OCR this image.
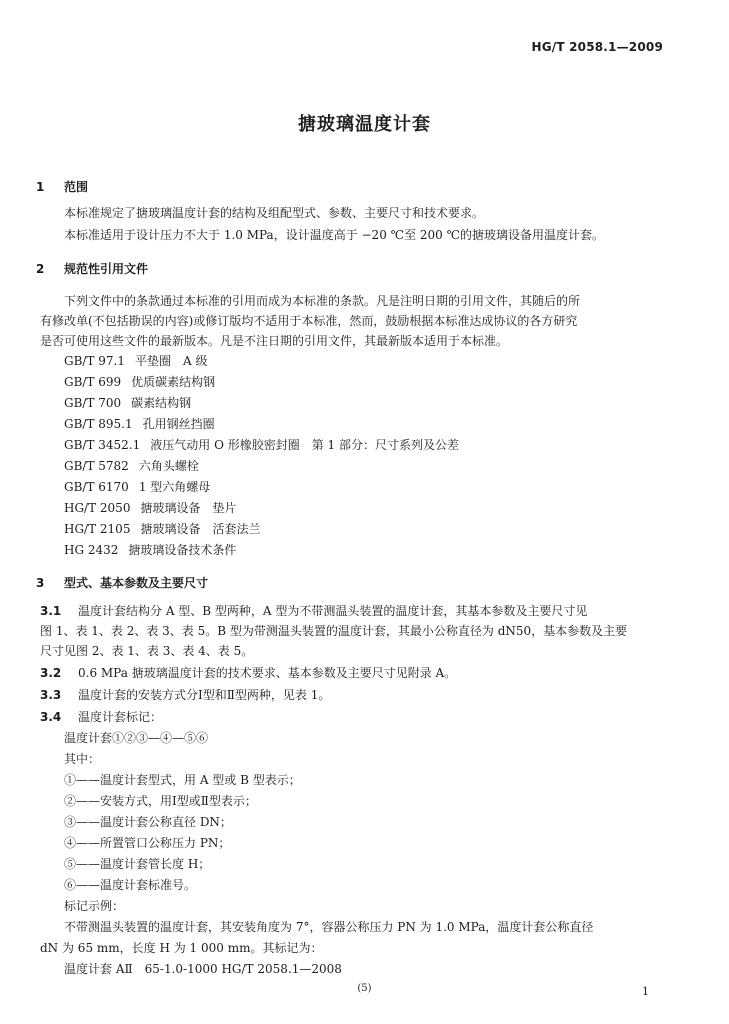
HG/T 2058.1—2009
搪玻璃温度计套
1 范围
本标准规定了搪玻璃温度计套的结构及组配型式、参数、主要尺寸和技术要求。
本标准适用于设计压力不大于 1.0 MPa，设计温度高于 −20 ℃至 200 ℃的搪玻璃设备用温度计套。
2 规范性引用文件
下列文件中的条款通过本标准的引用而成为本标准的条款。凡是注明日期的引用文件，其随后的所
有修改单(不包括勘误的内容)或修订版均不适用于本标准，然而，鼓励根据本标准达成协议的各方研究
是否可使用这些文件的最新版本。凡是不注日期的引用文件，其最新版本适用于本标准。
GB/T 97.1 平垫圈　A 级
GB/T 699 优质碳素结构钢
GB/T 700 碳素结构钢
GB/T 895.1 孔用钢丝挡圈
GB/T 3452.1 液压气动用 O 形橡胶密封圈　第 1 部分：尺寸系列及公差
GB/T 5782 六角头螺栓
GB/T 6170 1 型六角螺母
HG/T 2050 搪玻璃设备　垫片
HG/T 2105 搪玻璃设备　活套法兰
HG 2432 搪玻璃设备技术条件
3 型式、基本参数及主要尺寸
3.1 温度计套结构分 A 型、B 型两种，A 型为不带测温头装置的温度计套，其基本参数及主要尺寸见
图 1、表 1、表 2、表 3、表 5。B 型为带测温头装置的温度计套，其最小公称直径为 dN50，基本参数及主要
尺寸见图 2、表 1、表 3、表 4、表 5。
3.2 0.6 MPa 搪玻璃温度计套的技术要求、基本参数及主要尺寸见附录 A。
3.3 温度计套的安装方式分Ⅰ型和Ⅱ型两种，见表 1。
3.4 温度计套标记：
温度计套①②③—④—⑤⑥
其中：
①——温度计套型式，用 A 型或 B 型表示；
②——安装方式，用Ⅰ型或Ⅱ型表示；
③——温度计套公称直径 DN；
④——所置管口公称压力 PN；
⑤——温度计套管长度 H；
⑥——温度计套标准号。
标记示例：
不带测温头装置的温度计套，其安装角度为 7°，容器公称压力 PN 为 1.0 MPa，温度计套公称直径
dN 为 65 mm，长度 H 为 1 000 mm。其标记为：
温度计套 AⅡ　65-1.0-1000 HG/T 2058.1—2008
(5)	1
